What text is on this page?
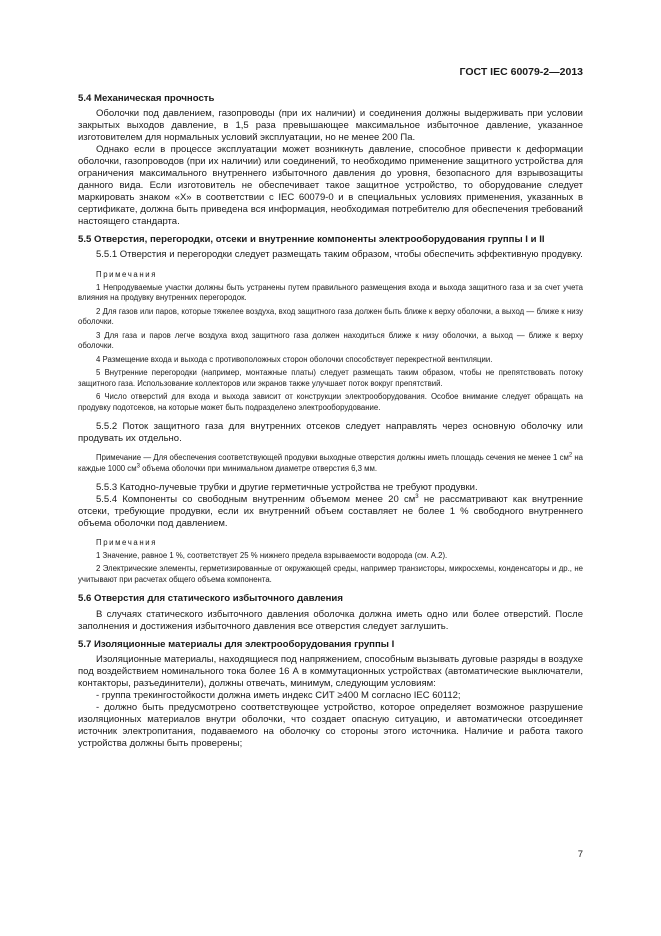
ГОСТ IEC 60079-2—2013

5.4 Механическая прочность

Оболочки под давлением, газопроводы (при их наличии) и соединения должны выдерживать при условии закрытых выходов давление, в 1,5 раза превышающее максимальное избыточное давление, указанное изготовителем для нормальных условий эксплуатации, но не менее 200 Па.

Однако если в процессе эксплуатации может возникнуть давление, способное привести к деформации оболочки, газопроводов (при их наличии) или соединений, то необходимо применение защитного устройства для ограничения максимального внутреннего избыточного давления до уровня, безопасного для взрывозащиты данного вида. Если изготовитель не обеспечивает такое защитное устройство, то оборудование следует маркировать знаком «Х» в соответствии с IEC 60079-0 и в специальных условиях применения, указанных в сертификате, должна быть приведена вся информация, необходимая потребителю для обеспечения требований настоящего стандарта.

5.5 Отверстия, перегородки, отсеки и внутренние компоненты электрооборудования группы I и II

5.5.1 Отверстия и перегородки следует размещать таким образом, чтобы обеспечить эффективную продувку.

Примечания

1 Непродуваемые участки должны быть устранены путем правильного размещения входа и выхода защитного газа и за счет учета влияния на продувку внутренних перегородок.

2 Для газов или паров, которые тяжелее воздуха, вход защитного газа должен быть ближе к верху оболочки, а выход — ближе к низу оболочки.

3 Для газа и паров легче воздуха вход защитного газа должен находиться ближе к низу оболочки, а выход — ближе к верху оболочки.

4 Размещение входа и выхода с противоположных сторон оболочки способствует перекрестной вентиляции.

5 Внутренние перегородки (например, монтажные платы) следует размещать таким образом, чтобы не препятствовать потоку защитного газа. Использование коллекторов или экранов также улучшает поток вокруг препятствий.

6 Число отверстий для входа и выхода зависит от конструкции электрооборудования. Особое внимание следует обращать на продувку подотсеков, на которые может быть подразделено электрооборудование.

5.5.2 Поток защитного газа для внутренних отсеков следует направлять через основную оболочку или продувать их отдельно.

Примечание — Для обеспечения соответствующей продувки выходные отверстия должны иметь площадь сечения не менее 1 $см^2$ на каждые 1000 $см^3$ объема оболочки при минимальном диаметре отверстия 6,3 мм.

5.5.3 Катодно-лучевые трубки и другие герметичные устройства не требуют продувки.

5.5.4 Компоненты со свободным внутренним объемом менее 20 $см^3$ не рассматривают как внутренние отсеки, требующие продувки, если их внутренний объем составляет не более 1 % свободного внутреннего объема оболочки под давлением.

Примечания

1 Значение, равное 1 %, соответствует 25 % нижнего предела взрываемости водорода (см. А.2).

2 Электрические элементы, герметизированные от окружающей среды, например транзисторы, микросхемы, конденсаторы и др., не учитывают при расчетах общего объема компонента.

5.6 Отверстия для статического избыточного давления

В случаях статического избыточного давления оболочка должна иметь одно или более отверстий. После заполнения и достижения избыточного давления все отверстия следует заглушить.

5.7 Изоляционные материалы для электрооборудования группы I

Изоляционные материалы, находящиеся под напряжением, способным вызывать дуговые разряды в воздухе под воздействием номинального тока более 16 А в коммутационных устройствах (автоматические выключатели, контакторы, разъединители), должны отвечать, минимум, следующим условиям:

- группа трекингостойкости должна иметь индекс СИТ ≥400 М согласно IEC 60112;

- должно быть предусмотрено соответствующее устройство, которое определяет возможное разрушение изоляционных материалов внутри оболочки, что создает опасную ситуацию, и автоматически отсоединяет источник электропитания, подаваемого на оболочку со стороны этого источника. Наличие и работа такого устройства должны быть проверены;

7
